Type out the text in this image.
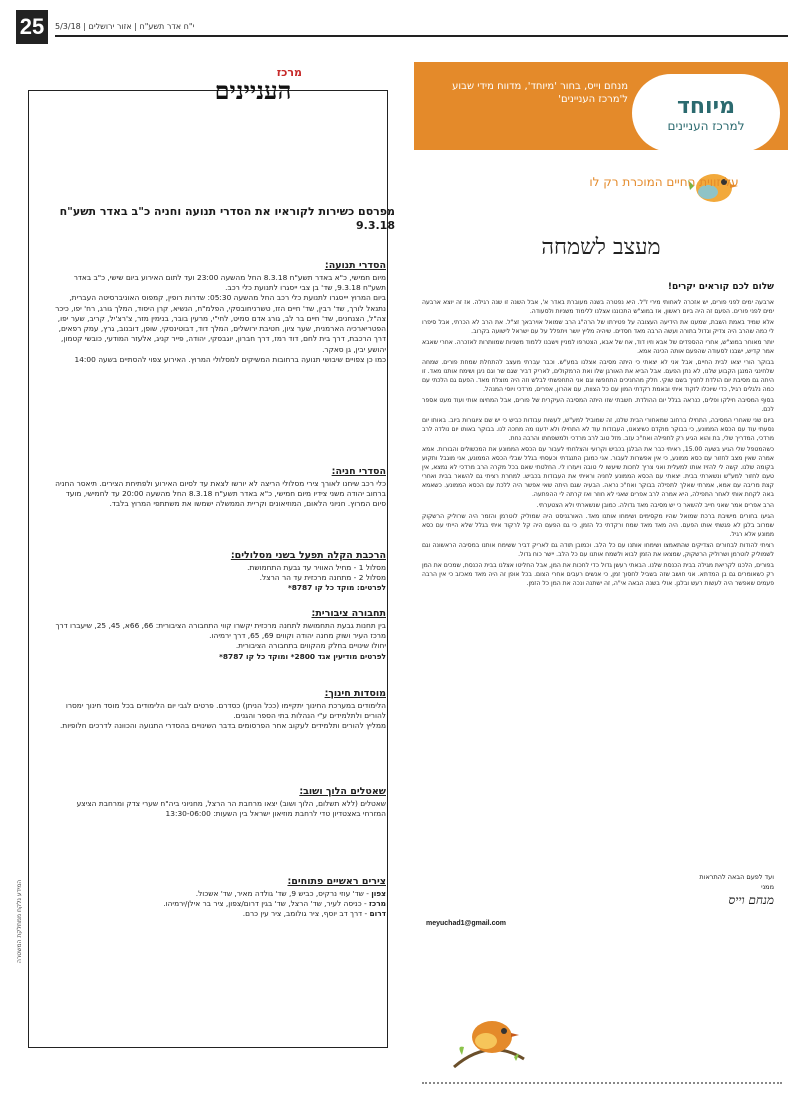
25	5/3/18 | י"ח אדר תשע"ח | אזור ירושלים
מנחם וייס, בחור 'מיוחד', מדווח מידי שבוע ל'מרכז העניינים' מיוחד
למרכז העניינים
על זווית החיים המוכרת רק לו
מעצב לשמחה
שלום לכם קוראים יקרים!

ארבעה ימים לפני פורים, יש אזכרה לאחותי מירי ז"ל. היא נפטרה בשנה מעוברת באדר א', אבל השנה זו שנה רגילה. אז זה יוצא ארבעה ימים לפני פורים. הפעם זה היה ביום ראשון, אז במוצ"ש התכוננו אצלנו ללימוד משניות ולסעודה.

אלא שמיד באמת השבת, שמענו את הידיעה העצובה על פטירתו של הרה"ג הרב שמואל אוירבאך זצ"ל. את הרב לא הכרתי, אבל סיפרו לי כמה שהרב היה צדיק וגדול בתורה ועשה הרבה מאד חסדים. שיהיה מליץ יושר ויתפלל על עם ישראל לישועה בקרוב.

יותר מאוחר במוצ"ש, אחרי ההספדים של אבא וזיו דוד, אח של אבא, הצטרפו למניין וישבנו ללמוד משניות שמוותרות לאזכרה. אחרי שאבא אמר קדיש, ישבנו לסעודה שהפעם אותה הכינה אמא.

בבוקר הורי יצאו לבית החיים, אבל אני לא יצאתי כי היתה מסיבה אצלנו במע"ש. וכבר עברתי מעצב להתחלת שמחת פורים. שמחה שלחינגי המנגן הקבוע שלנו, לא נתן הפעם. אבל הביא את האורגן שלו ואת הרמקולים, לאריק דביר שגם שר וגם ניגן ושימח אותנו מאד. זו היתה גם מסיבת יום הולדת לחניך בשם שוקי. חלק מהחניכים התחפשו וגם אני התחפשתי לבלש וזה היה מוצלח מאד. הפעם גם הלכתי עם כמה נלגלים רגיל, כדי שיוכלו לזקוד איתי ובאמת רקדתי המון עם כל הצוות, עם אהרון, אפרים, מרדכי ויוסי המנהל.

בסוף המסיבה חילקו ופלים, כנראה בגלל יום ההולדת. חשבתי שזו היתה המסיבה העיקרית של פורים, אבל המחיצו אותי ועוד מעט אספר לכם.

ביום שני שאחרי המסיבה, התחילו ברחוב שמאחורי הבית שלנו, זה שמוביל למע"ש, לעשות עבודות כביש כי יש שם ציוגורות ביוב. באותו יום נסעתי עוד עם הכסא הממונע, כי בבוקר מוקדם כשיצאנו, העבודות עוד לא התחילו ולא ידענו מה מחכה לנו. בבוקר באותו יום נולדה לרב מרדכי, המדריך שלי, בת והוא הגיע רק לתפילה ואח"כ עזב. מזל טוב לרב מרדכי ולמשפחתו והרבה נחת.

כשהמטפל שלי הגיע בשעה 15.00, ראיתי כבר את הבלגן בכביש וקרועי והצלחתי לעבור עם הכסא הממונע את המכשולים והבורות. אמא אמרה שאין מצב לחזור עם כסא ממונע, כי אין אפשרות לעבור. אני כמובן התנגדתי וכעסתי בגלל שבלי הכסא הממונע, אני מוגבל ותקוע בקומה שלנו. קשה לי להזיז אותו למעלית ואני צריך לחכות שיעשו לי טובה ויעזרו לי. החלטתי שאם בכל מקרה הרב מרדכי לא נמצא, אין טעם לחזור למע"ש ונשארתי בבית. יצאתי עם הכסא הממונע לחניה וראיתי את העבודות בכביש. למחרת רציתי גם להשאר בבית ואחרי קצת מריבה עם אמא, אמרתי שאלך לתפילה בבוקר ואח"כ נראה. הבעיה שגם היתה שאי אפשר היה ללכת עם הכסא הממונע. כשאמא באה לקחת אותי לאחר התפילה, היא אמרה לרב אפרים שאני לא חוזר ואז קרתה לי ההפתעה.

הרב אפרים אמר שאני חייב להשאר כי יש מסיבה מאד גדולה. כמובן שנשארתי ולא הצטערתי.

הגיעו בחורים מישיבת ברכת שמואל שהיו מקסימים ושימחו אותנו מאד. האורגניסט היה שמוליק לוטרמן והזמר היה שרוליק הרשקוק שמרוב בלגן לא פגשתי אותו הפעם. היה מאד מאד שמח ורקדתי כל הזמן, כי גם הפעם היה קל לרקוד איתי בגלל שלא הייתי עם כסא ממונע אלא רגיל.

רציתי להודות לבחורים הצדיקים שהתאמצו ושימחו אותנו עם כל הלב. וכמובן תודה גם לאריק דביר ששימח אותנו במסיבה הראשונה וגם לשמוליק לוטרמן ושרוליק הרשקוק, שמצאו את הזמן לבוא ולשמח אותנו עם כל הלב. יישר כוח גדול.

בפורים, הלכנו לקריאת מגילה בבית הכנסת שלנו. הבאתי רעשן גדול כדי לחכות את המן, אבל החליטו אצלנו בבית הכנסת, שמכים את המן רק כשאומרים גם בן המדתא. אני חושב שזה בשביל לחסוך זמן, כי אנשים רעבים אחרי הצום. בכל אופן זה היה מאד מאכזב כי אין הרבה פעמים שאפשר היה לעשות רעש ובלגן. אולי בשנה הבאה אי"ה, זה ישתנה ונכה את המן כל הזמן.

ועד לפעם הבאה להתראות
ממני
מנחם וייס
meyuchad1@gmail.com
מרכז
העניינים
מפרסם כשירות לקוראיו את הסדרי תנועה וחניה כ"ב באדר תשע"ח 9.3.18
הסדרי תנועה:
מיום חמישי, כ"א באדר תשע"ח 8.3.18 החל מהשעה 23:00 ועד לתום האירוע ביום שישי, כ"ב באדר תשע"ח 9.3.18, שד' בן צבי ייסגרו לתנועת כלי רכב.
ביום המרוץ יייסגרו לתנועת כלי רכב החל מהשעה 05:30: שדרות רופין, קמפוס האוניברסיטה העברית, נתנאל לורך, שד' רבין, שד' חיים הזז, טשרניחובסקי, הפלמ"ח, הנשיא, קרן היסוד, המלך גורג, רח' יפו, כיכר צה"ל, הצנחנים, שד' חיים בר לב, גורג אדם סמיט, לחי"י, מרעין בובר, בנימין מזר, צ'רצ'יל, קריב, שער יפו, הפטריארכיה הארמנית, שער ציון, חטיבת ירושלים, המלך דוד, דבוטינסקי, שופן, דובנוב, גרץ, עמק רפאים, דרך הרכבת, דרך בית לחם, דוד רמז, דרך חברון, יוגבסקי, יהודה, פייר קניג, אלעזר המודעי, כובשי קטמון, יהושע יבין, גן סאקר.
כמו כן צפויים שיבושי תנועה ברחובות המשיקים למסלולי המרוץ. האירוע צפוי להסתיים בשעה 14:00
הסדרי חניה:
כלי רכב שיחנו לאורך צירי מסלולי הריצה לא יורשו לצאת עד לסיום האירוע ולפתיחת הצירים. תיאסר החניה ברחוב יהודה משני צידיו מיום חמישי, כ"א באדר תשע"ח 8.3.18 החל מהשעה 20:00 עד לחמישי, מועד סיום המרוץ. חניוני הלאום, המוזיאונים וקריית הממשלה ישמשו את משתתפי המרוץ בלבד.
הרכבת הקלה תפעל בשני מסלולים:
מסלול 1 - מחיל האוויר עד גבעת התחמושת.
מסלול 2 - מתחנה מרכזית עד הר הרצל.
לפרטים: מוקד כל קו 8787*
תחבורה ציבורית:
בין תחנות גבעת התחמושת לתחנה מרכזית יקשרו קווי התחבורה הציבורית: 66, 66א, 45, 25, שיעברו דרך מרכז העיר ושוק מחנה יהודה וקווים 69, 65, דרך ירמיהו.
יחולו שינויים בחלק מהקווים בתחבורה הציבורית.
לפרטים מודיעין אגד 2800* ומוקד כל קו 8787*
מוסדות חינוך:
הלימודים במערכת החינוך יתקיימו (ככל הניתן) כסדרם. פרטים לגבי יום הלימודים בכל מוסד חינוך ימסרו להורים ולתלמידים ע"י הנהלות בתי הספר והגנים.
ממליץ להורים ותלמידים לעקוב אחר הפרסומים בדבר השינויים בהסדרי התנועה והכוונה לדרכים חלופיות.
שאטלים הלוך ושוב:
שאטלים (ללא תשלום, הלוך ושוב) יצאו מרחבת הר הרצל, מחניוני ביה"ח שערי צדק ומרחבת הציצע המזרחי באצטדיון טדי לרחבת מוזיאון ישראל בין השעות: 13:30-06:00
צירים ראשיים פתוחים:
צפון - שד' עוזי נרקיס, כביש 9, שד' גולדה מאיר, שד' אשכול.
מרכז - כניסה לעיר, שד' הרצל, שד' בגין דרום/צפון, ציר בר אילן/ירמיהו.
דרום - דרך דב יוסף, ציר גולומב, ציר עין כרם.
המידע נלקח ממחלקת המשטרה
